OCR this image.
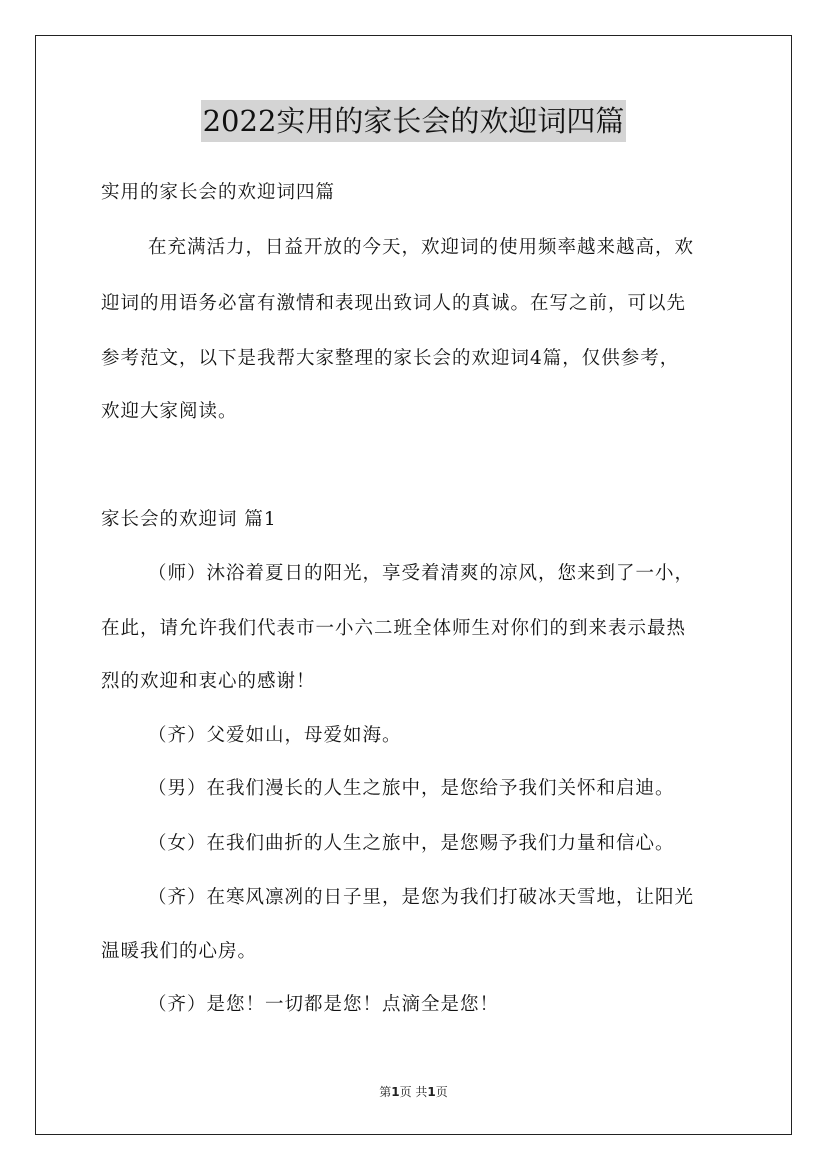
2022实用的家长会的欢迎词四篇
实用的家长会的欢迎词四篇
在充满活力，日益开放的今天，欢迎词的使用频率越来越高，欢
迎词的用语务必富有激情和表现出致词人的真诚。在写之前，可以先
参考范文，以下是我帮大家整理的家长会的欢迎词4篇，仅供参考，
欢迎大家阅读。
家长会的欢迎词 篇1
（师）沐浴着夏日的阳光，享受着清爽的凉风，您来到了一小，
在此，请允许我们代表市一小六二班全体师生对你们的到来表示最热
烈的欢迎和衷心的感谢！
（齐）父爱如山，母爱如海。
（男）在我们漫长的人生之旅中，是您给予我们关怀和启迪。
（女）在我们曲折的人生之旅中，是您赐予我们力量和信心。
（齐）在寒风凛冽的日子里，是您为我们打破冰天雪地，让阳光
温暖我们的心房。
（齐）是您！一切都是您！点滴全是您！
第1页 共1页
